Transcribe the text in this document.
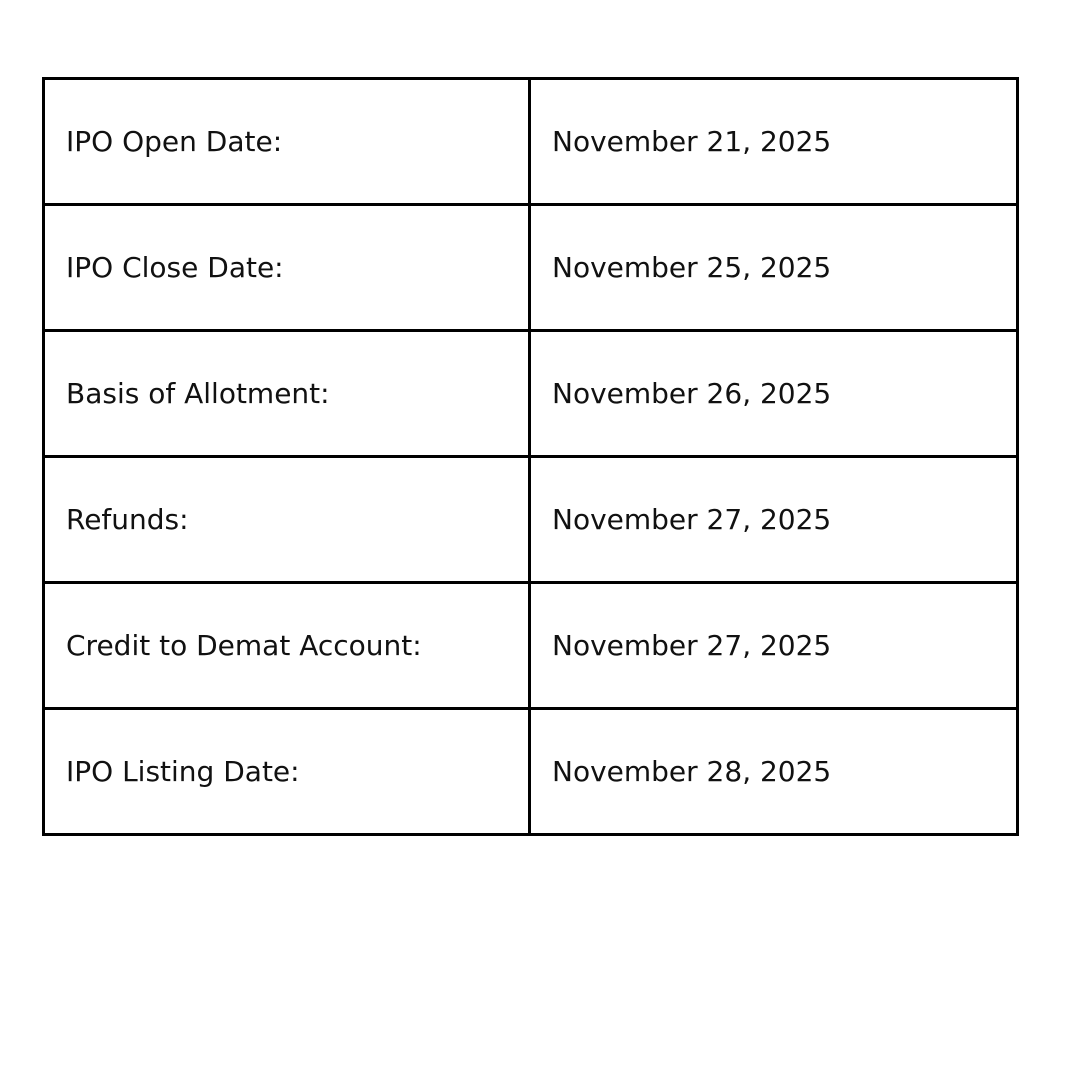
IPO Open Date:	November 21, 2025
IPO Close Date:	November 25, 2025
Basis of Allotment:	November 26, 2025
Refunds:	November 27, 2025
Credit to Demat Account:	November 27, 2025
IPO Listing Date:	November 28, 2025
